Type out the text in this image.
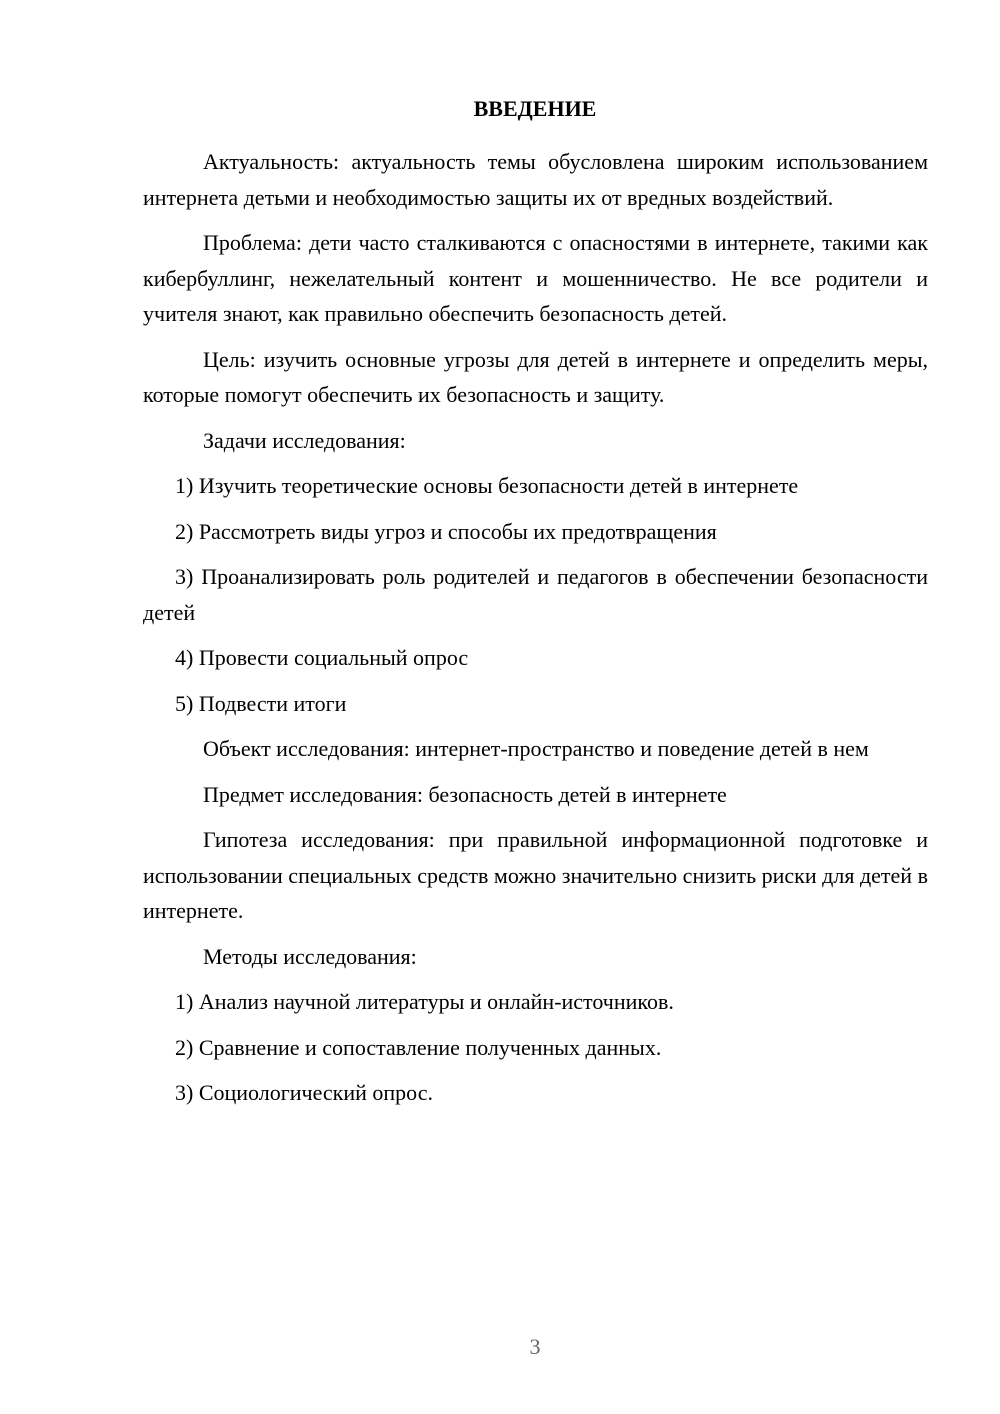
ВВЕДЕНИЕ

Актуальность: актуальность темы обусловлена широким использованием интернета детьми и необходимостью защиты их от вредных воздействий.

Проблема: дети часто сталкиваются с опасностями в интернете, такими как кибербуллинг, нежелательный контент и мошенничество. Не все родители и учителя знают, как правильно обеспечить безопасность детей.

Цель: изучить основные угрозы для детей в интернете и определить меры, которые помогут обеспечить их безопасность и защиту.

Задачи исследования:

1) Изучить теоретические основы безопасности детей в интернете

2) Рассмотреть виды угроз и способы их предотвращения

3) Проанализировать роль родителей и педагогов в обеспечении безопасности детей

4) Провести социальный опрос

5) Подвести итоги

Объект исследования: интернет-пространство и поведение детей в нем

Предмет исследования: безопасность детей в интернете

Гипотеза исследования: при правильной информационной подготовке и использовании специальных средств можно значительно снизить риски для детей в интернете.

Методы исследования:

1) Анализ научной литературы и онлайн-источников.

2) Сравнение и сопоставление полученных данных.

3) Социологический опрос.

3
